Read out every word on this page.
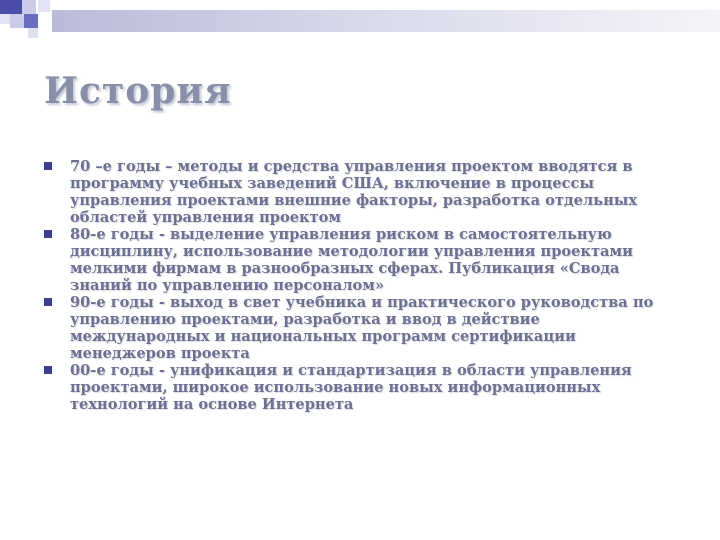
История
70 –е годы – методы и средства управления проектом вводятся в программу учебных заведений США, включение в процессы управления проектами внешние факторы, разработка отдельных областей управления проектом
80-е годы - выделение управления риском в самостоятельную дисциплину, использование методологии управления проектами мелкими фирмам в разнообразных сферах. Публикация «Свода знаний по управлению персоналом»
90-е годы - выход в свет учебника и практического руководства по управлению проектами, разработка и ввод в действие международных и национальных программ сертификации менеджеров проекта
00-е годы - унификация и стандартизация в области управления проектами, широкое использование новых информационных технологий на основе Интернета
